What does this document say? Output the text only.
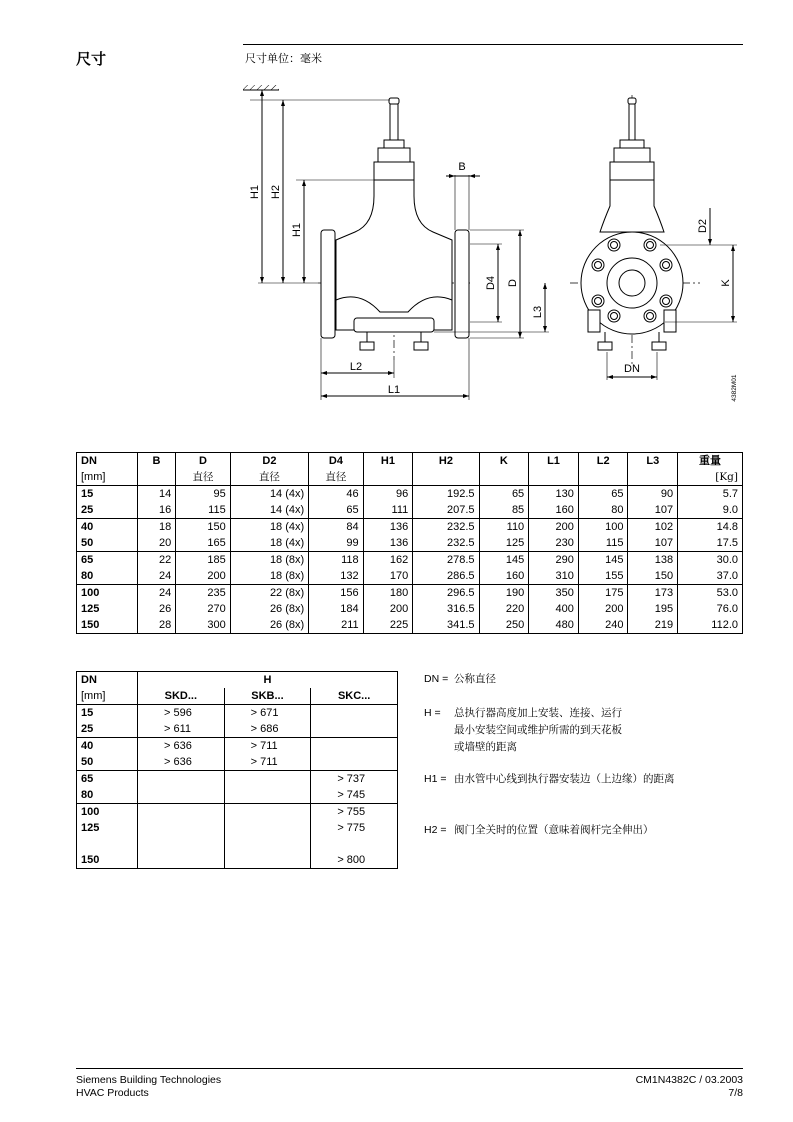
尺寸	尺寸单位：毫米
H1 H2
H1
B
D4 D
L3
L2
L1
D2
K
DN
4382M01
DN	B	D	D2	D4	H1	H2	K	L1	L2	L3	重量
[mm]		直径	直径	直径							[Kg]
15	14	95	14 (4x)	46	96	192.5	65	130	65	90	5.7
25	16	115	14 (4x)	65	111	207.5	85	160	80	107	9.0
40	18	150	18 (4x)	84	136	232.5	110	200	100	102	14.8
50	20	165	18 (4x)	99	136	232.5	125	230	115	107	17.5
65	22	185	18 (8x)	118	162	278.5	145	290	145	138	30.0
80	24	200	18 (8x)	132	170	286.5	160	310	155	150	37.0
100	24	235	22 (8x)	156	180	296.5	190	350	175	173	53.0
125	26	270	26 (8x)	184	200	316.5	220	400	200	195	76.0
150	28	300	26 (8x)	211	225	341.5	250	480	240	219	112.0
DN	H		
[mm]	SKD...	SKB...	SKC...
15	> 596	> 671	
25	> 611	> 686	
40	> 636	> 711	
50	> 636	> 711	
65			> 737
80			> 745
100			> 755
125			> 775

150			> 800
DN = 公称直径
H = 总执行器高度加上安装、连接、运行
最小安装空间或维护所需的到天花板
或墙壁的距离
H1 = 由水管中心线到执行器安装边（上边缘）的距离
H2 = 阀门全关时的位置（意味着阀杆完全伸出）
Siemens Building Technologies
HVAC Products
CM1N4382C / 03.2003
7/8
